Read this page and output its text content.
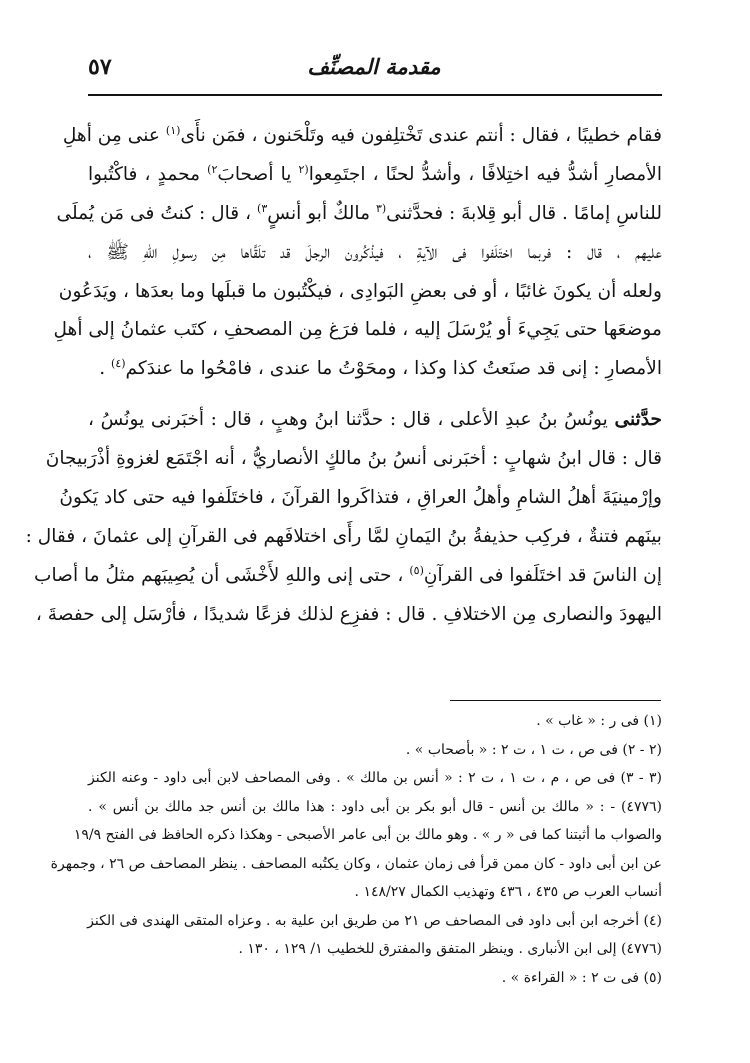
٥٧	مقدمة المصنِّف
فقام خطيبًا ، فقال : أنتم عندى تَخْتلِفون فيه وتَلْحَنون ، فمَن نأَى$^{(١)}$ عنى مِن أهلِ
الأمصارِ أشدُّ فيه اختِلافًا ، وأشدُّ لحنًا ، اجتَمِعوا$^{(٢}$ يا أصحابَ$^{٢)}$ محمدٍ ، فاكْتُبوا
للناسِ إمامًا . قال أبو قِلابةَ : فحدَّثنى$^{(٣}$ مالكٌ أبو أنسٍ$^{٣)}$ ، قال : كنتُ فى مَن يُملَى
عليهم ، قال : فربما اختَلَفوا فى الآيةِ ، فيذْكُرون الرجلَ قد تلَقَّاها مِن رسولِ اللهِ ﷺ ،
ولعله أن يكونَ غائبًا ، أو فى بعضِ البَوادِى ، فيكْتُبون ما قبلَها وما بعدَها ، ويَدَعُون
موضعَها حتى يَجِيءَ أو يُرْسَلَ إليه ، فلما فرَغ مِن المصحفِ ، كتَب عثمانُ إلى أهلِ
الأمصارِ : إنى قد صنَعتُ كذا وكذا ، ومحَوْتُ ما عندى ، فامْحُوا ما عندَكم$^{(٤)}$ .
حدَّثنى يونُسُ بنُ عبدِ الأعلى ، قال : حدَّثنا ابنُ وهبٍ ، قال : أخبَرنى يونُسُ ،
قال : قال ابنُ شهابٍ : أخبَرنى أنسُ بنُ مالكٍ الأنصاريُّ ، أنه اجْتَمَع لغزوةِ أذْرَبيجانَ
وإرْمينيَةَ أهلُ الشامِ وأهلُ العراقِ ، فتذاكَروا القرآنَ ، فاختَلَفوا فيه حتى كاد يَكونُ
بينَهم فتنةٌ ، فركِب حذيفةُ بنُ اليَمانِ لمَّا رأَى اختلافَهم فى القرآنِ إلى عثمانَ ، فقال :
إن الناسَ قد اختَلَفوا فى القرآنِ$^{(٥)}$ ، حتى إنى واللهِ لأَخْشَى أن يُصِيبَهم مثلُ ما أصاب
اليهودَ والنصارى مِن الاختلافِ . قال : ففزِع لذلك فزعًا شديدًا ، فأرْسَل إلى حفصةَ ،
(١) فى ر : « غاب » .
(٢ - ٢) فى ص ، ت ١ ، ت ٢ : « بأصحاب » .
(٣ - ٣) فى ص ، م ، ت ١ ، ت ٢ : « أنس بن مالك » . وفى المصاحف لابن أبى داود - وعنه الكنز
(٤٧٧٦) - : « مالك بن أنس - قال أبو بكر بن أبى داود : هذا مالك بن أنس جد مالك بن أنس » .
والصواب ما أثبتنا كما فى « ر » . وهو مالك بن أبى عامر الأصبحى - وهكذا ذكره الحافظ فى الفتح ١٩/٩
عن ابن أبى داود - كان ممن قرأ فى زمان عثمان ، وكان يكتُبه المصاحف . ينظر المصاحف ص ٢٦ ، وجمهرة
أنساب العرب ص ٤٣٥ ، ٤٣٦ وتهذيب الكمال ١٤٨/٢٧ .
(٤) أخرجه ابن أبى داود فى المصاحف ص ٢١ من طريق ابن علية به . وعزاه المتقى الهندى فى الكنز
(٤٧٧٦) إلى ابن الأنبارى . وينظر المتفق والمفترق للخطيب ١/ ١٢٩ ، ١٣٠ .
(٥) فى ت ٢ : « القراءة » .
